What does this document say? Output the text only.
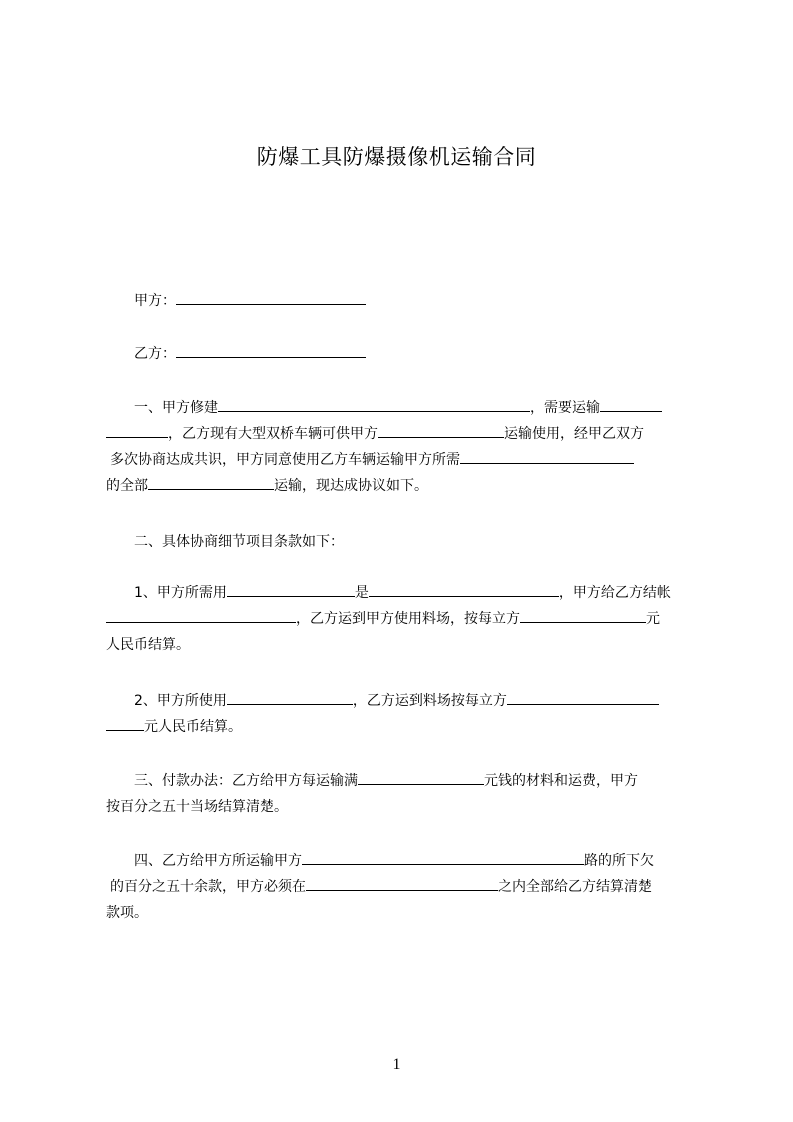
防爆工具防爆摄像机运输合同
甲方：
乙方：
一、甲方修建	，需要运输
，乙方现有大型双桥车辆可供甲方	运输使用，经甲乙双方
多次协商达成共识，甲方同意使用乙方车辆运输甲方所需
的全部	运输，现达成协议如下。
二、具体协商细节项目条款如下：
1、甲方所需用	是	，甲方给乙方结帐
，乙方运到甲方使用料场，按每立方	元
人民币结算。
2、甲方所使用	，乙方运到料场按每立方
元人民币结算。
三、付款办法：乙方给甲方每运输满	元钱的材料和运费，甲方
按百分之五十当场结算清楚。
四、乙方给甲方所运输甲方	路的所下欠
的百分之五十余款，甲方必须在	之内全部给乙方结算清楚
款项。
1
